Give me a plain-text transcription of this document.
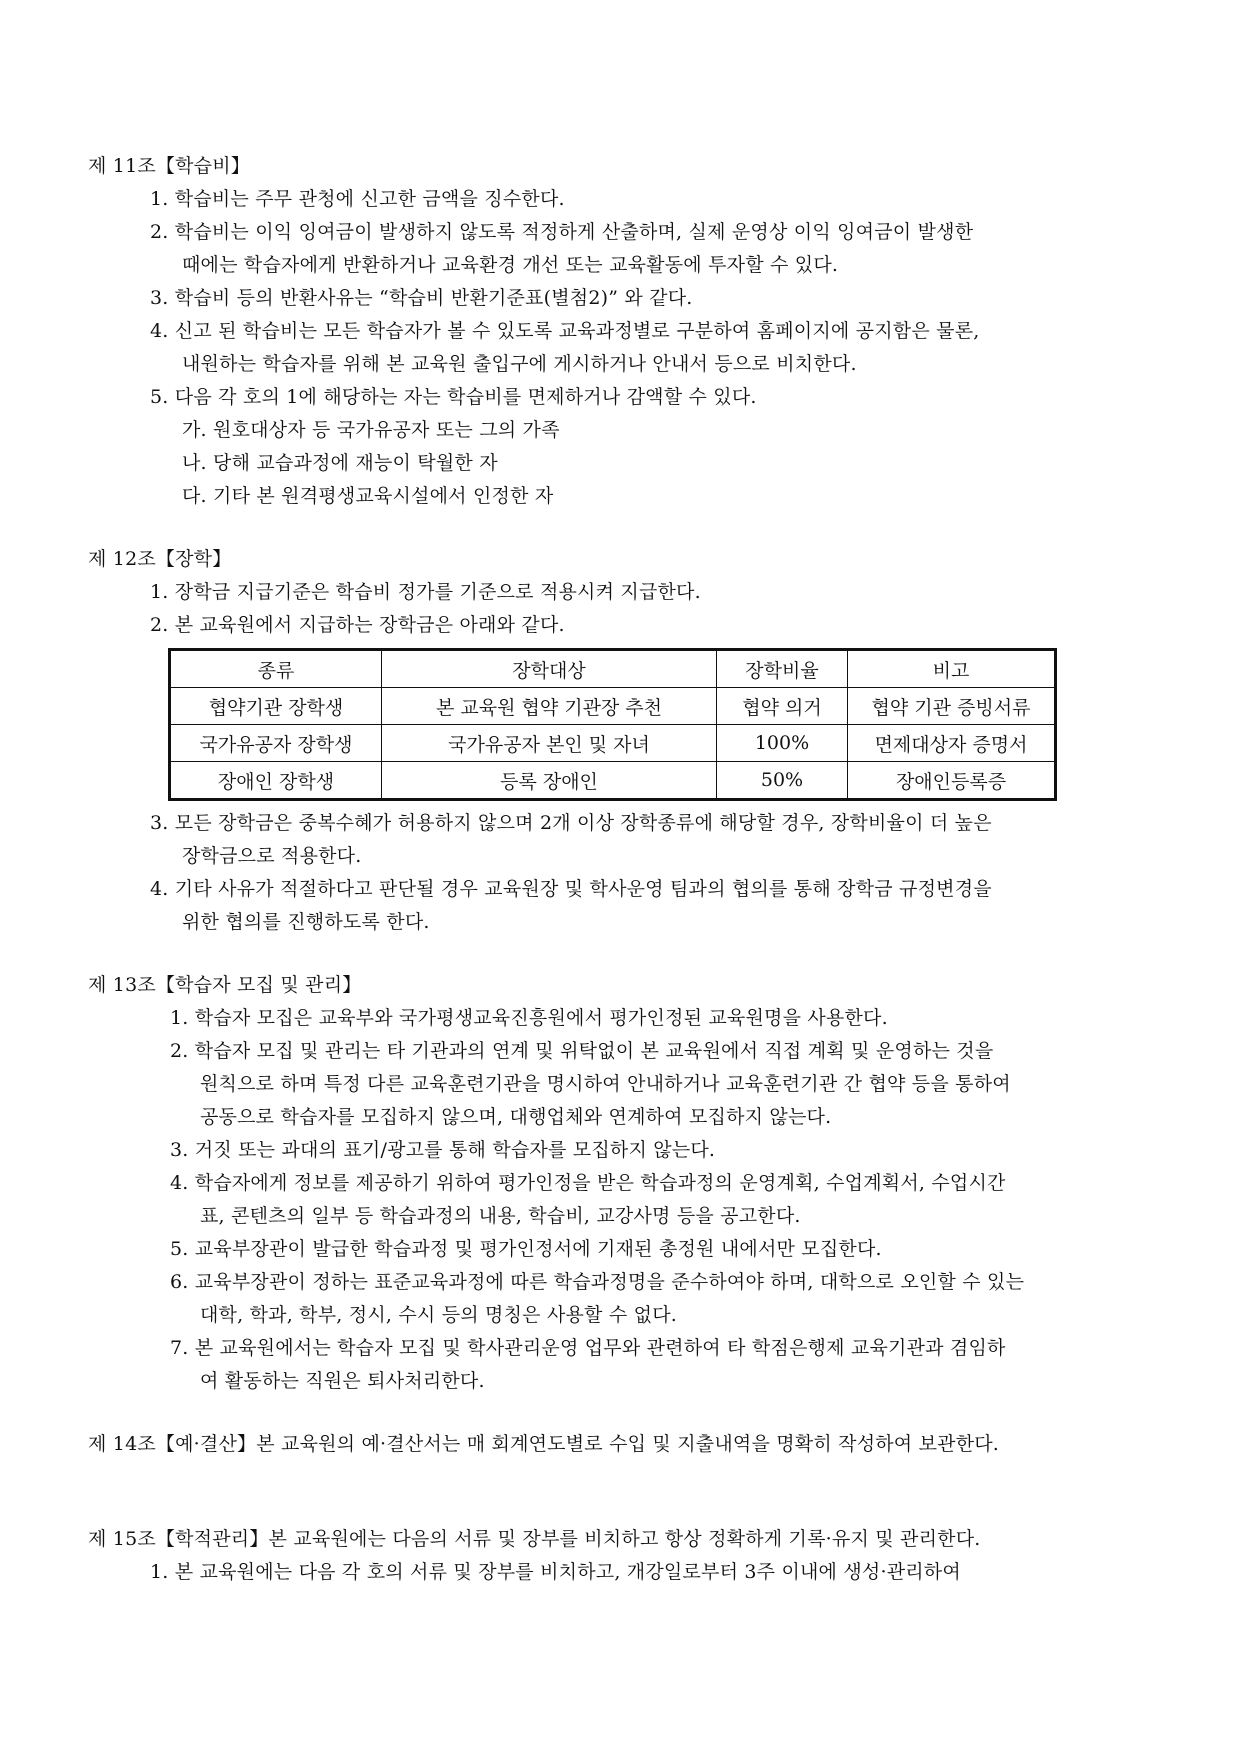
제 11조【학습비】
1. 학습비는 주무 관청에 신고한 금액을 징수한다.
2. 학습비는 이익 잉여금이 발생하지 않도록 적정하게 산출하며, 실제 운영상 이익 잉여금이 발생한
때에는 학습자에게 반환하거나 교육환경 개선 또는 교육활동에 투자할 수 있다.
3. 학습비 등의 반환사유는 “학습비 반환기준표(별첨2)” 와 같다.
4. 신고 된 학습비는 모든 학습자가 볼 수 있도록 교육과정별로 구분하여 홈페이지에 공지함은 물론,
내원하는 학습자를 위해 본 교육원 출입구에 게시하거나 안내서 등으로 비치한다.
5. 다음 각 호의 1에 해당하는 자는 학습비를 면제하거나 감액할 수 있다.
가. 원호대상자 등 국가유공자 또는 그의 가족
나. 당해 교습과정에 재능이 탁월한 자
다. 기타 본 원격평생교육시설에서 인정한 자
제 12조【장학】
1. 장학금 지급기준은 학습비 정가를 기준으로 적용시켜 지급한다.
2. 본 교육원에서 지급하는 장학금은 아래와 같다.
종류	장학대상	장학비율	비고
협약기관 장학생	본 교육원 협약 기관장 추천	협약 의거	협약 기관 증빙서류
국가유공자 장학생	국가유공자 본인 및 자녀	100%	면제대상자 증명서
장애인 장학생	등록 장애인	50%	장애인등록증
3. 모든 장학금은 중복수혜가 허용하지 않으며 2개 이상 장학종류에 해당할 경우, 장학비율이 더 높은
장학금으로 적용한다.
4. 기타 사유가 적절하다고 판단될 경우 교육원장 및 학사운영 팀과의 협의를 통해 장학금 규정변경을
위한 협의를 진행하도록 한다.
제 13조【학습자 모집 및 관리】
1. 학습자 모집은 교육부와 국가평생교육진흥원에서 평가인정된 교육원명을 사용한다.
2. 학습자 모집 및 관리는 타 기관과의 연계 및 위탁없이 본 교육원에서 직접 계획 및 운영하는 것을
원칙으로 하며 특정 다른 교육훈련기관을 명시하여 안내하거나 교육훈련기관 간 협약 등을 통하여
공동으로 학습자를 모집하지 않으며, 대행업체와 연계하여 모집하지 않는다.
3. 거짓 또는 과대의 표기/광고를 통해 학습자를 모집하지 않는다.
4. 학습자에게 정보를 제공하기 위하여 평가인정을 받은 학습과정의 운영계획, 수업계획서, 수업시간
표, 콘텐츠의 일부 등 학습과정의 내용, 학습비, 교강사명 등을 공고한다.
5. 교육부장관이 발급한 학습과정 및 평가인정서에 기재된 총정원 내에서만 모집한다.
6. 교육부장관이 정하는 표준교육과정에 따른 학습과정명을 준수하여야 하며, 대학으로 오인할 수 있는
대학, 학과, 학부, 정시, 수시 등의 명칭은 사용할 수 없다.
7. 본 교육원에서는 학습자 모집 및 학사관리운영 업무와 관련하여 타 학점은행제 교육기관과 겸임하
여 활동하는 직원은 퇴사처리한다.
제 14조【예·결산】본 교육원의 예·결산서는 매 회계연도별로 수입 및 지출내역을 명확히 작성하여 보관한다.
제 15조【학적관리】본 교육원에는 다음의 서류 및 장부를 비치하고 항상 정확하게 기록·유지 및 관리한다.
1. 본 교육원에는 다음 각 호의 서류 및 장부를 비치하고, 개강일로부터 3주 이내에 생성·관리하여
